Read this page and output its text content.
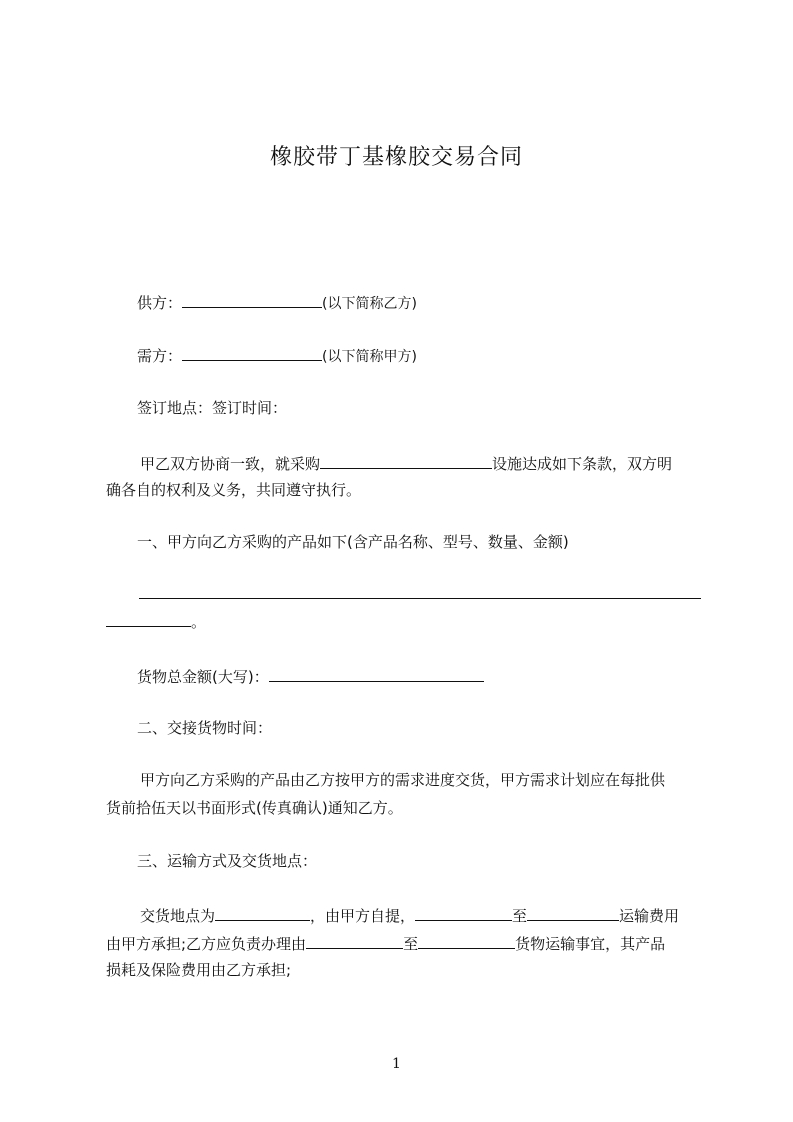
橡胶带丁基橡胶交易合同
供方：	(以下简称乙方)
需方：	(以下简称甲方)
签订地点：签订时间：
甲乙双方协商一致，就采购	设施达成如下条款，双方明
确各自的权利及义务，共同遵守执行。
一、甲方向乙方采购的产品如下(含产品名称、型号、数量、金额)
。
货物总金额(大写)：
二、交接货物时间：
甲方向乙方采购的产品由乙方按甲方的需求进度交货，甲方需求计划应在每批供
货前拾伍天以书面形式(传真确认)通知乙方。
三、运输方式及交货地点：
交货地点为	，由甲方自提，	至	运输费用
由甲方承担;乙方应负责办理由	至	货物运输事宜，其产品
损耗及保险费用由乙方承担;
1
